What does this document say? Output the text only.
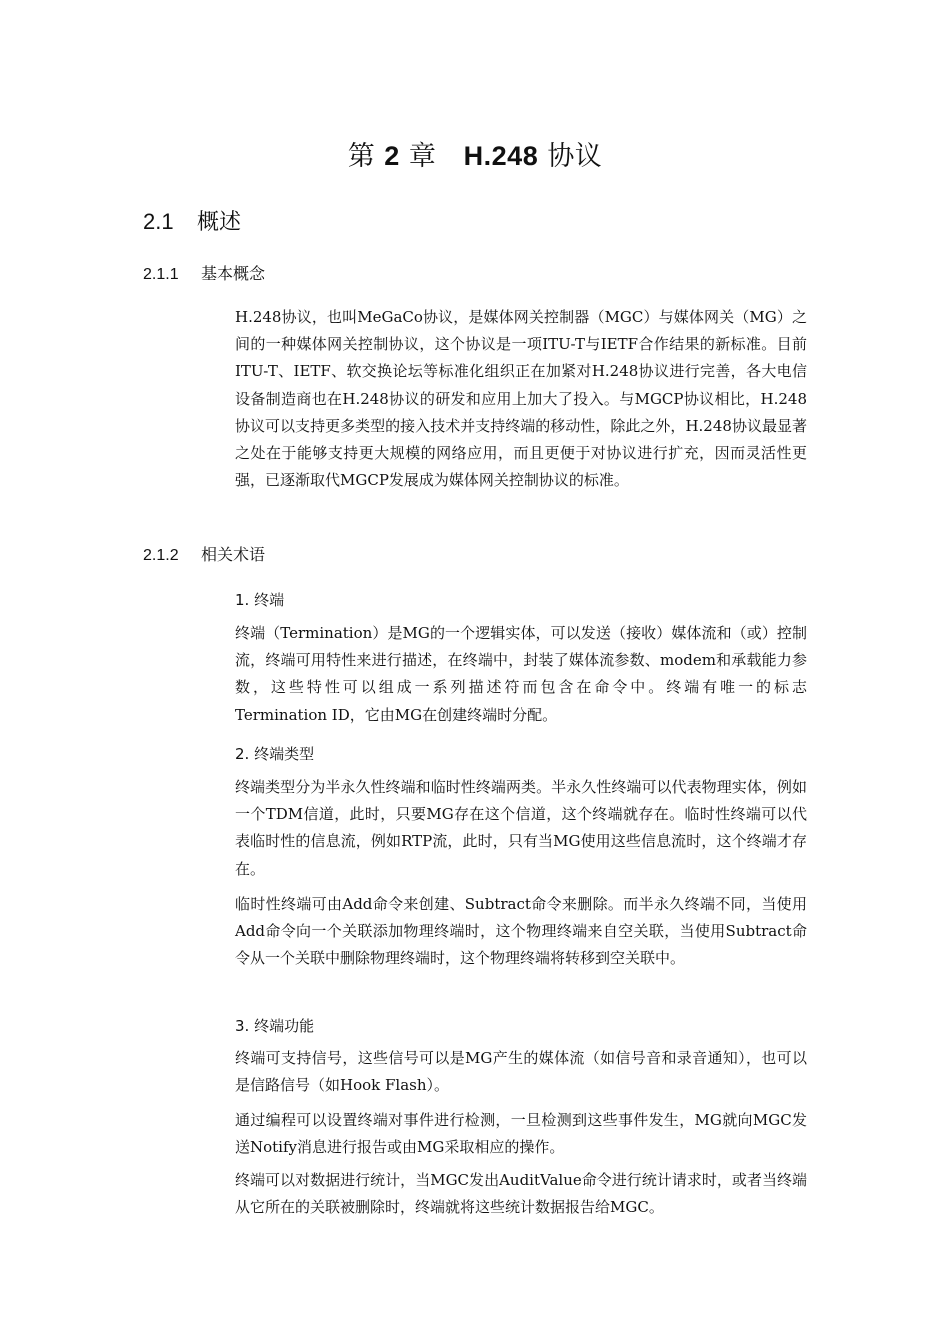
第 2 章 H.248 协议
2.1 概述
2.1.1 基本概念

H.248协议，也叫MeGaCo协议，是媒体网关控制器（MGC）与媒体网关（MG）之间的一种媒体网关控制协议，这个协议是一项ITU-T与IETF合作结果的新标准。目前ITU-T、IETF、软交换论坛等标准化组织正在加紧对H.248协议进行完善，各大电信设备制造商也在H.248协议的研发和应用上加大了投入。与MGCP协议相比，H.248协议可以支持更多类型的接入技术并支持终端的移动性，除此之外，H.248协议最显著之处在于能够支持更大规模的网络应用，而且更便于对协议进行扩充，因而灵活性更强，已逐渐取代MGCP发展成为媒体网关控制协议的标准。

2.1.2 相关术语
1. 终端

终端（Termination）是MG的一个逻辑实体，可以发送（接收）媒体流和（或）控制流，终端可用特性来进行描述，在终端中，封装了媒体流参数、modem和承载能力参数，这些特性可以组成一系列描述符而包含在命令中。终端有唯一的标志Termination ID，它由MG在创建终端时分配。

2. 终端类型

终端类型分为半永久性终端和临时性终端两类。半永久性终端可以代表物理实体，例如一个TDM信道，此时，只要MG存在这个信道，这个终端就存在。临时性终端可以代表临时性的信息流，例如RTP流，此时，只有当MG使用这些信息流时，这个终端才存在。

临时性终端可由Add命令来创建、Subtract命令来删除。而半永久终端不同，当使用Add命令向一个关联添加物理终端时，这个物理终端来自空关联，当使用Subtract命令从一个关联中删除物理终端时，这个物理终端将转移到空关联中。

3. 终端功能

终端可支持信号，这些信号可以是MG产生的媒体流（如信号音和录音通知），也可以是信路信号（如Hook Flash）。

通过编程可以设置终端对事件进行检测，一旦检测到这些事件发生，MG就向MGC发送Notify消息进行报告或由MG采取相应的操作。

终端可以对数据进行统计，当MGC发出AuditValue命令进行统计请求时，或者当终端从它所在的关联被删除时，终端就将这些统计数据报告给MGC。
